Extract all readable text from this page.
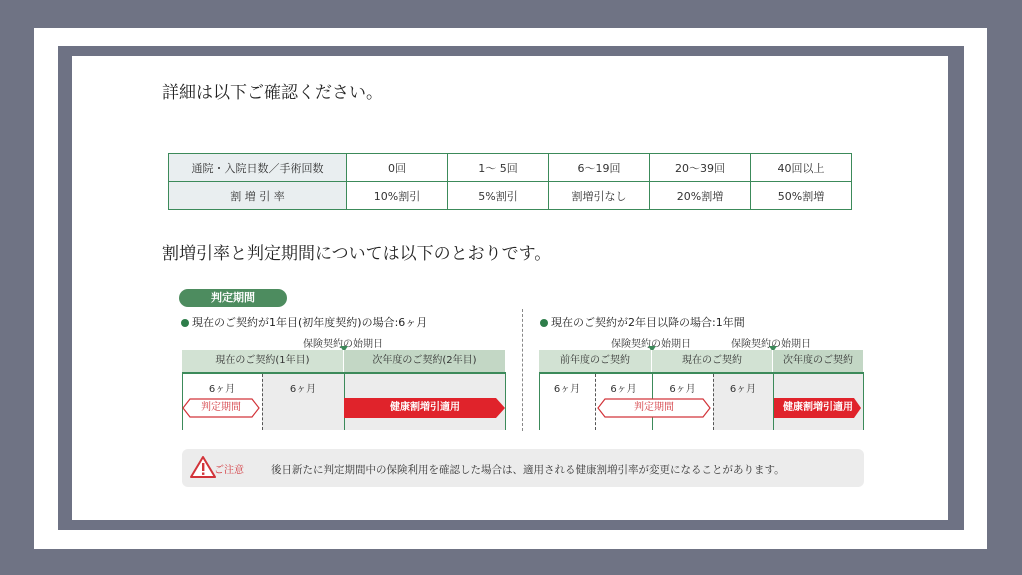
詳細は以下ご確認ください。
通院・入院日数／手術回数	0回	1～ 5回	6～19回	20～39回	40回以上
割 増 引 率	10%割引	5%割引	割増引なし	20%割増	50%割増
割増引率と判定期間については以下のとおりです。
判定期間
現在のご契約が1年目(初年度契約)の場合:6ヶ月
保険契約の始期日
現在のご契約(1年目)	次年度のご契約(2年目)
6ヶ月	6ヶ月
判定期間	健康割増引適用
現在のご契約が2年目以降の場合:1年間
保険契約の始期日	保険契約の始期日
前年度のご契約	現在のご契約	次年度のご契約
6ヶ月	6ヶ月	6ヶ月	6ヶ月
判定期間	健康割増引適用
ご注意	後日新たに判定期間中の保険利用を確認した場合は、適用される健康割増引率が変更になることがあります。
